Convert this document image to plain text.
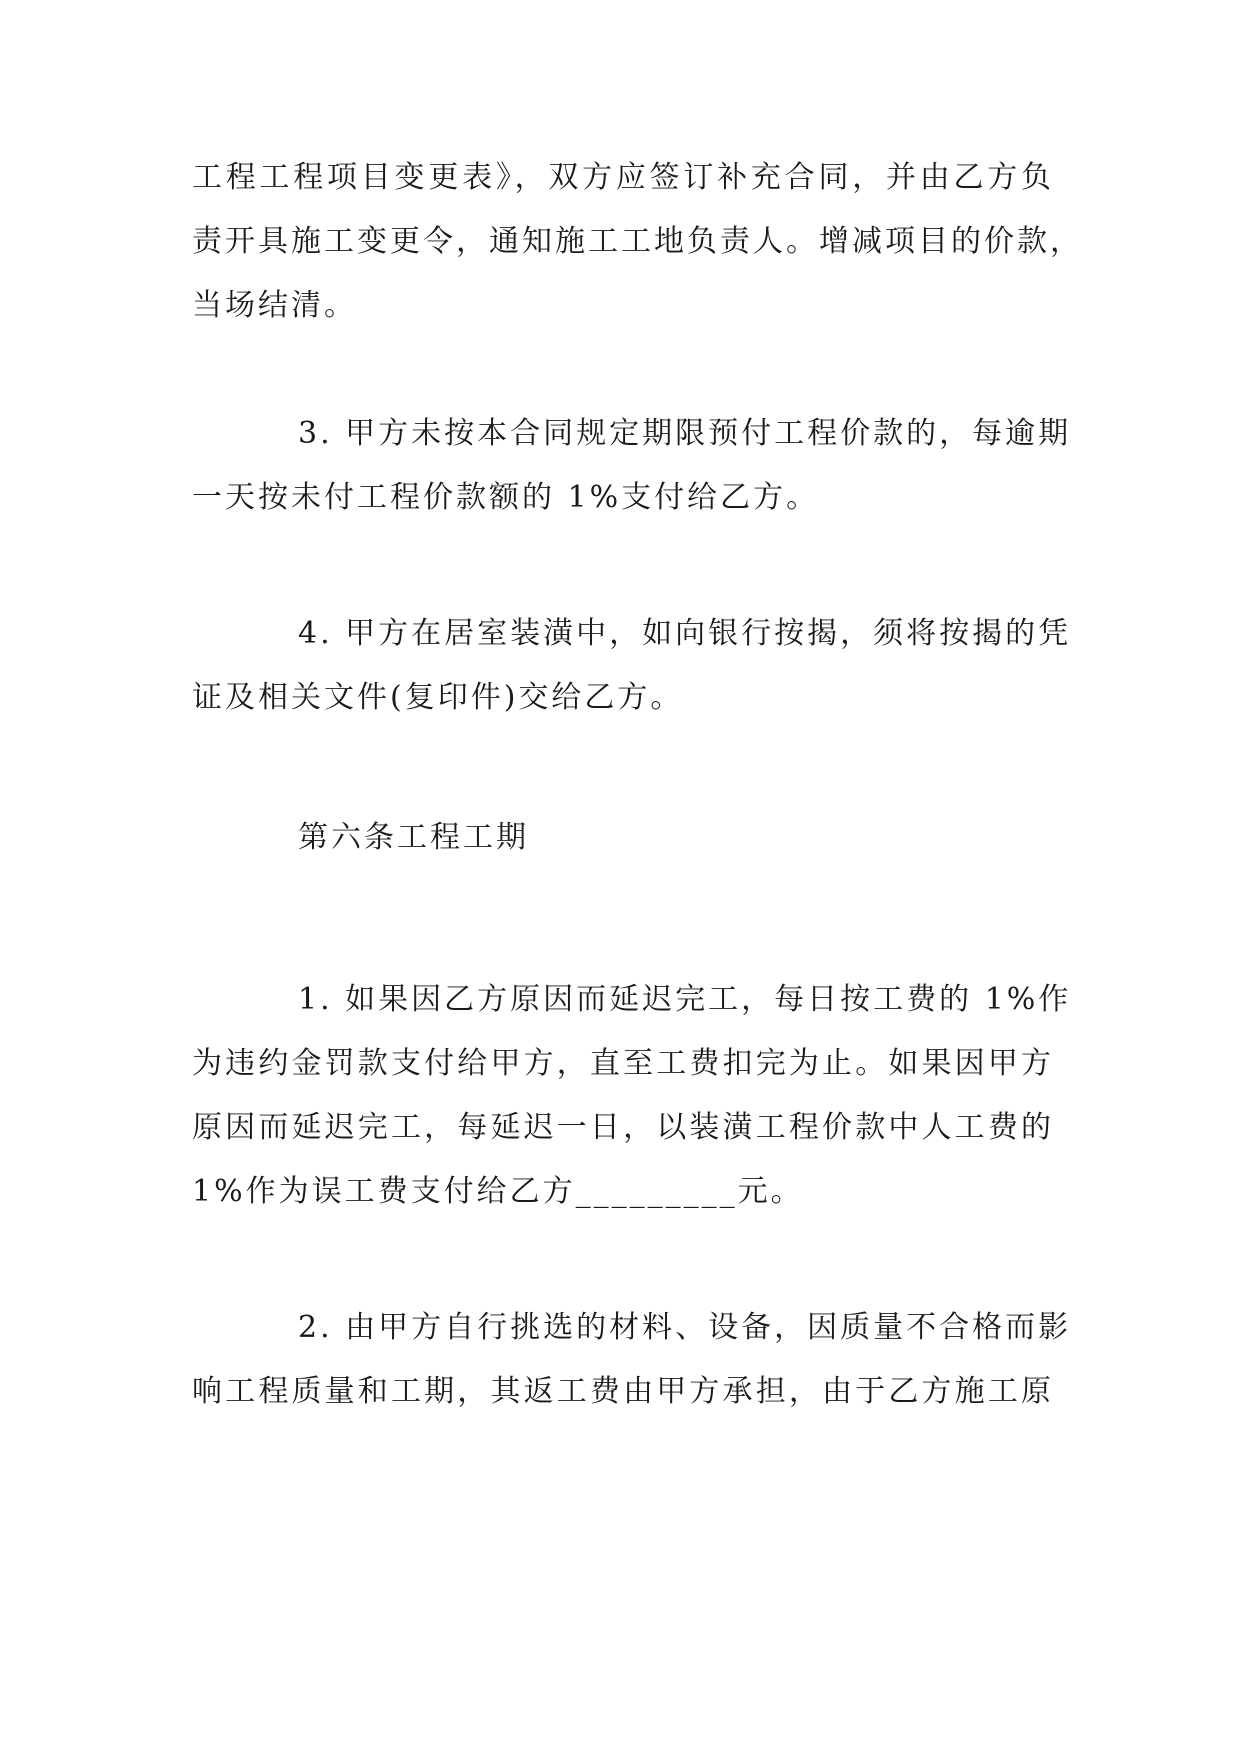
工程工程项目变更表》，双方应签订补充合同，并由乙方负
责开具施工变更令，通知施工工地负责人。增减项目的价款，
当场结清。
3. 甲方未按本合同规定期限预付工程价款的，每逾期
一天按未付工程价款额的 1%支付给乙方。
4. 甲方在居室装潢中，如向银行按揭，须将按揭的凭
证及相关文件(复印件)交给乙方。

第六条工程工期

1. 如果因乙方原因而延迟完工，每日按工费的 1%作
为违约金罚款支付给甲方，直至工费扣完为止。如果因甲方
原因而延迟完工，每延迟一日，以装潢工程价款中人工费的
1%作为误工费支付给乙方_________元。
2. 由甲方自行挑选的材料、设备，因质量不合格而影
响工程质量和工期，其返工费由甲方承担，由于乙方施工原
